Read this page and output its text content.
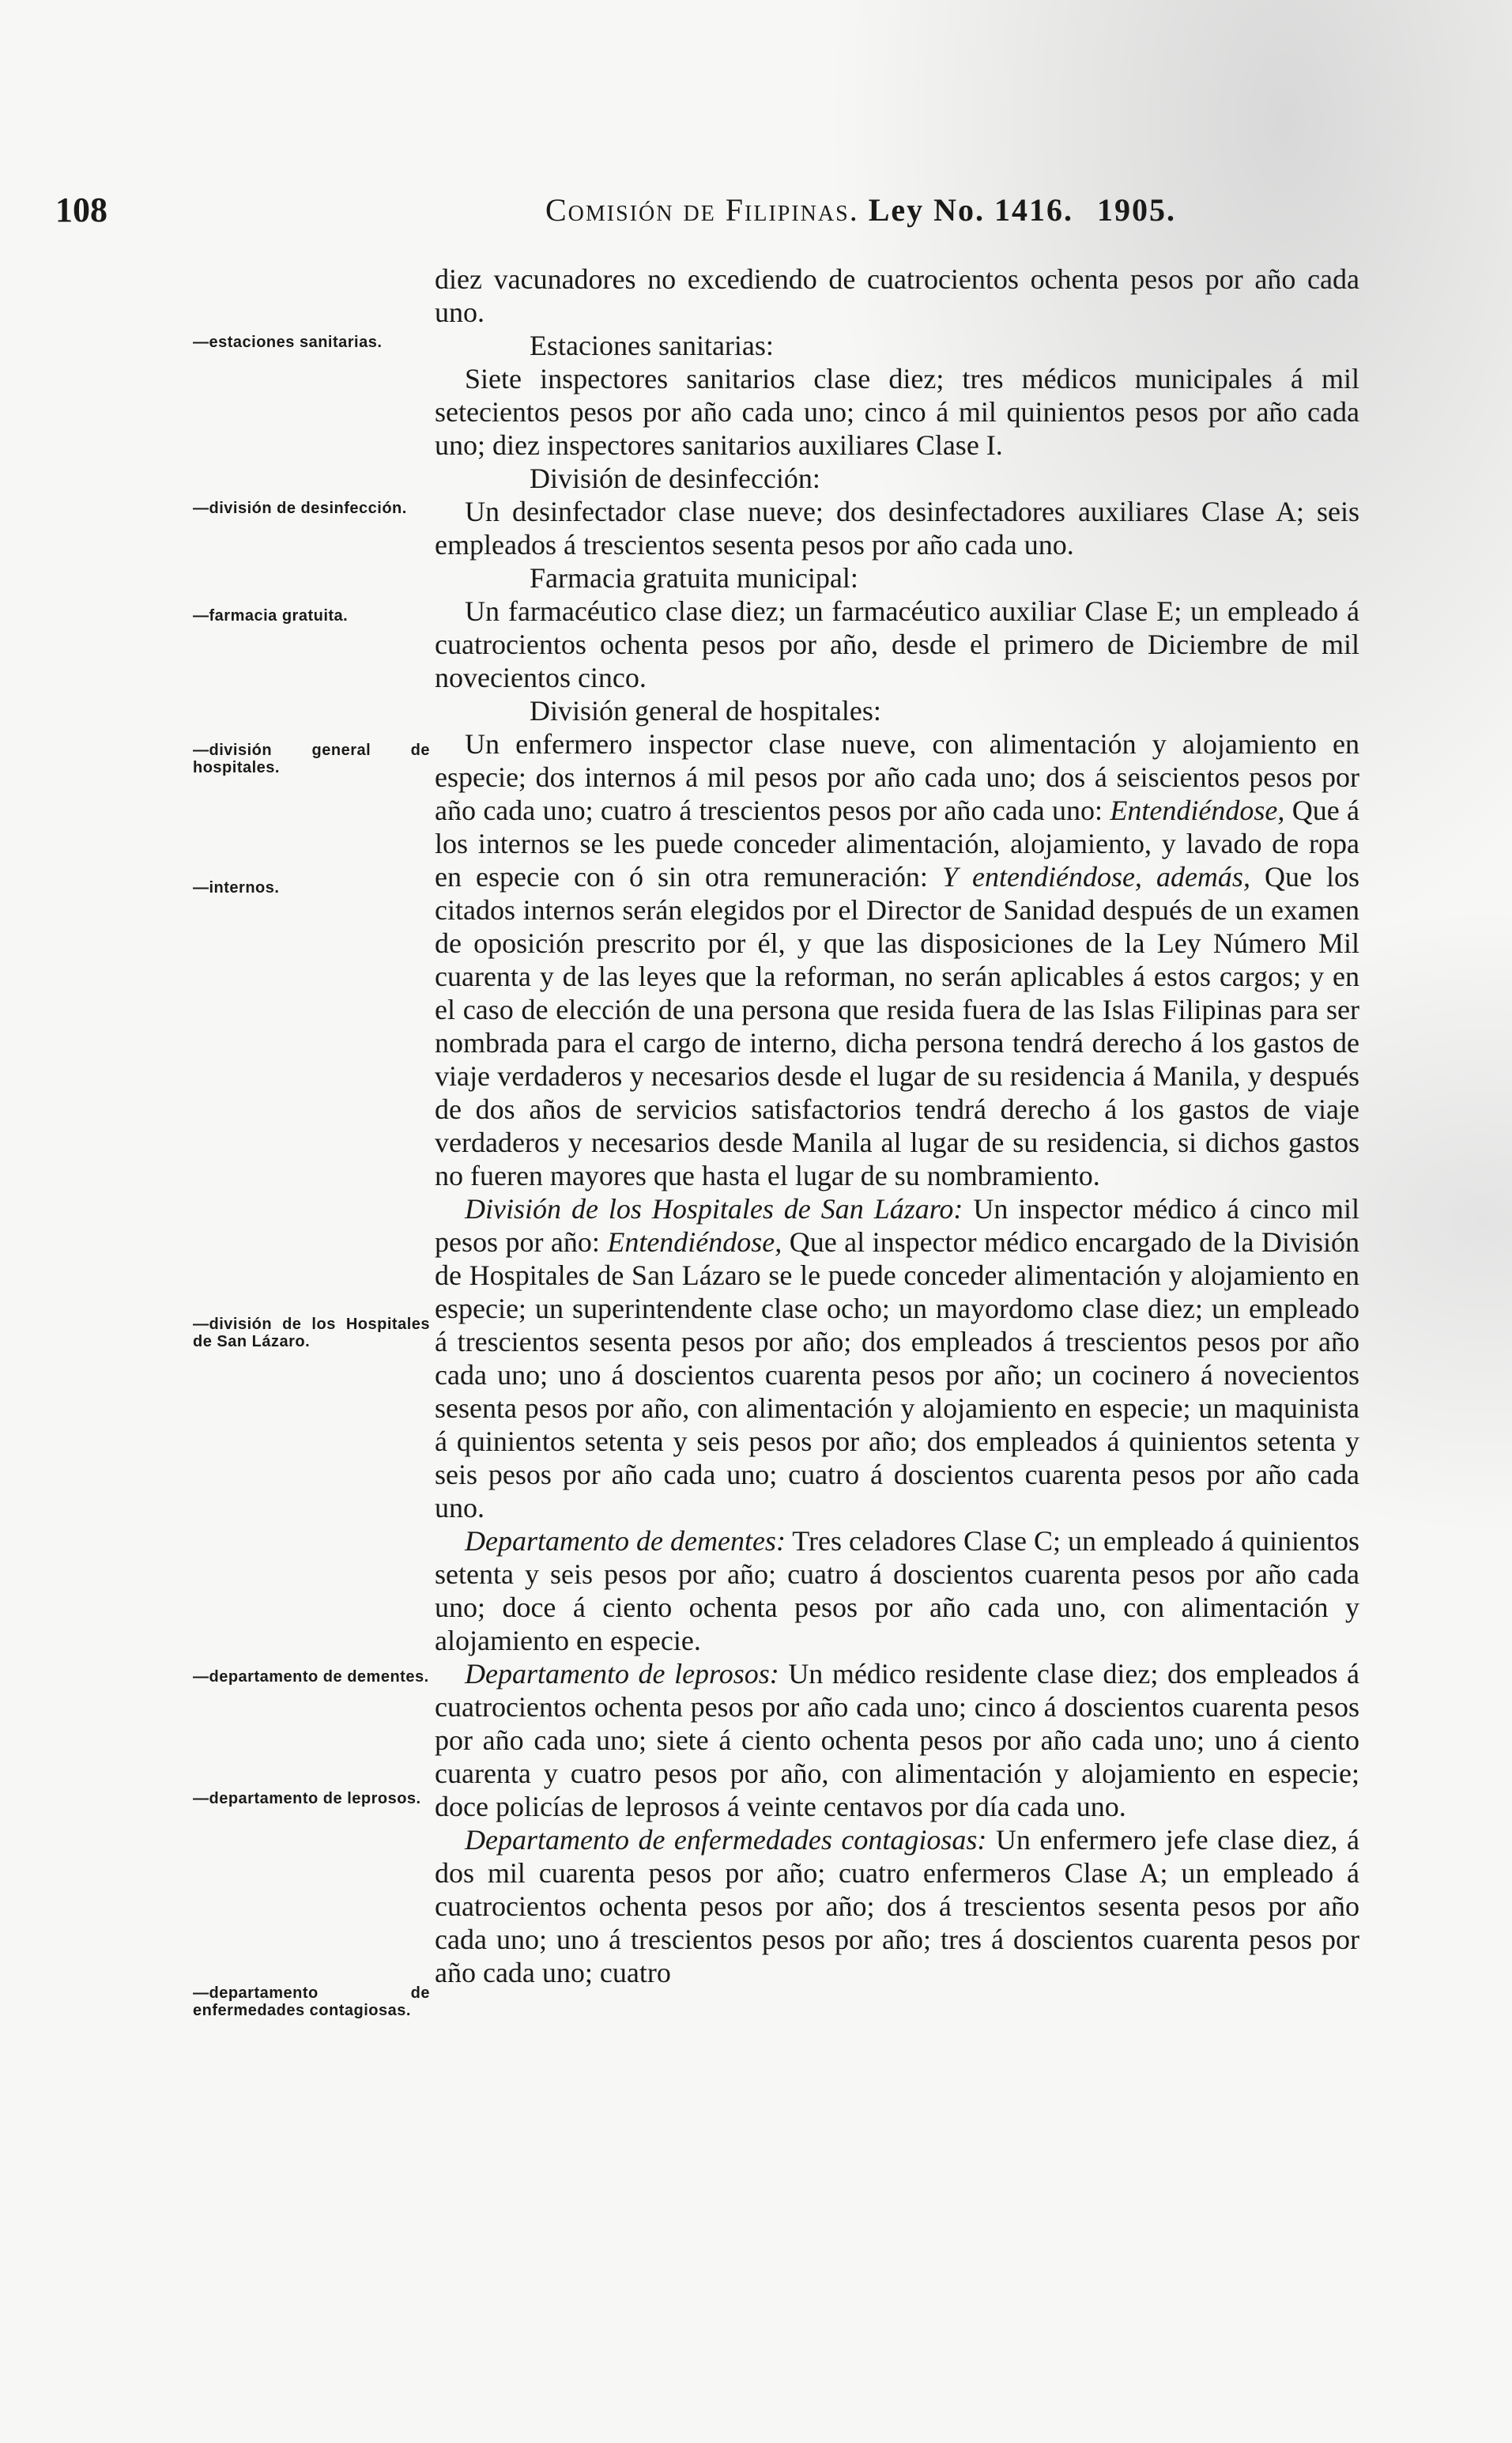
108	Comisión de Filipinas. Ley No. 1416. 1905.
—estaciones sanitarias.
—división de desinfección.
—farmacia gratuita.
—división general de hospitales.
—internos.
—división de los Hospitales de San Lázaro.
—departamento de dementes.
—departamento de leprosos.
—departamento de enfermedades contagiosas.

diez vacunadores no excediendo de cuatrocientos ochenta pesos por año cada uno.

Estaciones sanitarias:

Siete inspectores sanitarios clase diez; tres médicos municipales á mil setecientos pesos por año cada uno; cinco á mil quinientos pesos por año cada uno; diez inspectores sanitarios auxiliares Clase I.

División de desinfección:

Un desinfectador clase nueve; dos desinfectadores auxiliares Clase A; seis empleados á trescientos sesenta pesos por año cada uno.

Farmacia gratuita municipal:

Un farmacéutico clase diez; un farmacéutico auxiliar Clase E; un empleado á cuatrocientos ochenta pesos por año, desde el primero de Diciembre de mil novecientos cinco.

División general de hospitales:

Un enfermero inspector clase nueve, con alimentación y alojamiento en especie; dos internos á mil pesos por año cada uno; dos á seiscientos pesos por año cada uno; cuatro á trescientos pesos por año cada uno: Entendiéndose, Que á los internos se les puede conceder alimentación, alojamiento, y lavado de ropa en especie con ó sin otra remuneración: Y entendiéndose, además, Que los citados internos serán elegidos por el Director de Sanidad después de un examen de oposición prescrito por él, y que las disposiciones de la Ley Número Mil cuarenta y de las leyes que la reforman, no serán aplicables á estos cargos; y en el caso de elección de una persona que resida fuera de las Islas Filipinas para ser nombrada para el cargo de interno, dicha persona tendrá derecho á los gastos de viaje verdaderos y necesarios desde el lugar de su residencia á Manila, y después de dos años de servicios satisfactorios tendrá derecho á los gastos de viaje verdaderos y necesarios desde Manila al lugar de su residencia, si dichos gastos no fueren mayores que hasta el lugar de su nombramiento.

División de los Hospitales de San Lázaro: Un inspector médico á cinco mil pesos por año: Entendiéndose, Que al inspector médico encargado de la División de Hospitales de San Lázaro se le puede conceder alimentación y alojamiento en especie; un superintendente clase ocho; un mayordomo clase diez; un empleado á trescientos sesenta pesos por año; dos empleados á trescientos pesos por año cada uno; uno á doscientos cuarenta pesos por año; un cocinero á novecientos sesenta pesos por año, con alimentación y alojamiento en especie; un maquinista á quinientos setenta y seis pesos por año; dos empleados á quinientos setenta y seis pesos por año cada uno; cuatro á doscientos cuarenta pesos por año cada uno.

Departamento de dementes: Tres celadores Clase C; un empleado á quinientos setenta y seis pesos por año; cuatro á doscientos cuarenta pesos por año cada uno; doce á ciento ochenta pesos por año cada uno, con alimentación y alojamiento en especie.

Departamento de leprosos: Un médico residente clase diez; dos empleados á cuatrocientos ochenta pesos por año cada uno; cinco á doscientos cuarenta pesos por año cada uno; siete á ciento ochenta pesos por año cada uno; uno á ciento cuarenta y cuatro pesos por año, con alimentación y alojamiento en especie; doce policías de leprosos á veinte centavos por día cada uno.

Departamento de enfermedades contagiosas: Un enfermero jefe clase diez, á dos mil cuarenta pesos por año; cuatro enfermeros Clase A; un empleado á cuatrocientos ochenta pesos por año; dos á trescientos sesenta pesos por año cada uno; uno á trescientos pesos por año; tres á doscientos cuarenta pesos por año cada uno; cuatro
